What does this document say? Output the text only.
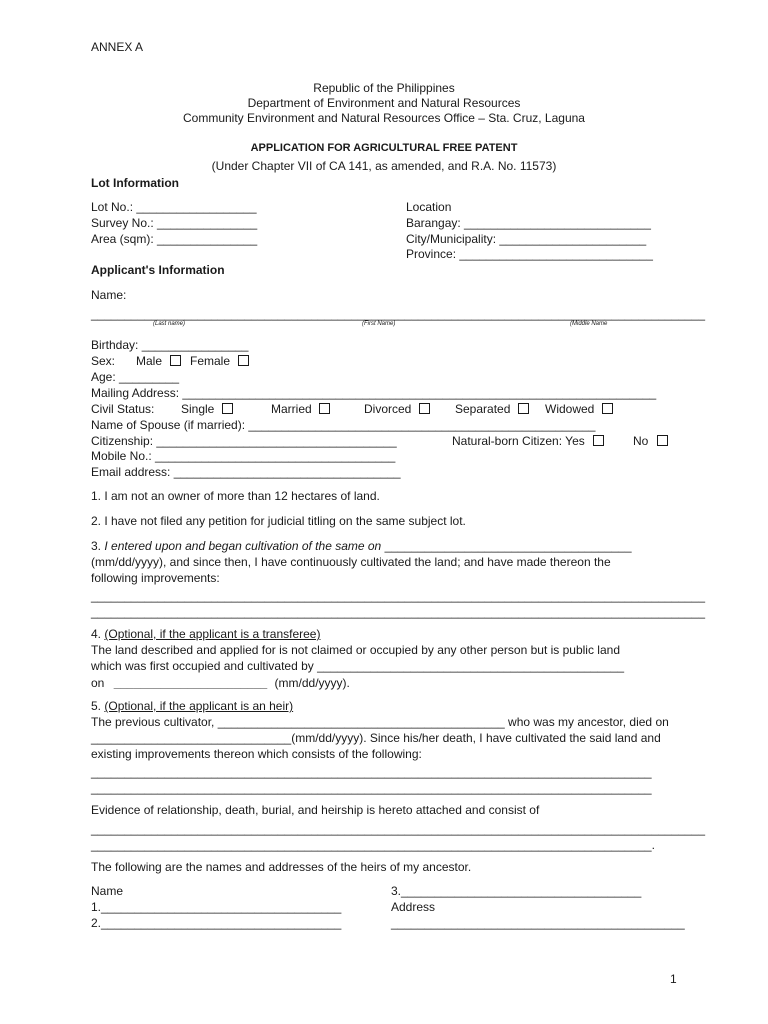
ANNEX A
Republic of the Philippines
Department of Environment and Natural Resources
Community Environment and Natural Resources Office – Sta. Cruz, Laguna
APPLICATION FOR AGRICULTURAL FREE PATENT
(Under Chapter VII of CA 141, as amended, and R.A. No. 11573)
Lot Information
Lot No.: __________________
Survey No.: _______________
Area (sqm): _______________
Location
Barangay: ____________________________
City/Municipality: ______________________
Province: _____________________________
Applicant's Information
Name:
____________________________________________________________________________________________
(Last name)	(First Name)	(Middle Name
Birthday: ________________
Sex: Male	Female
Age: _________
Mailing Address: _______________________________________________________________________
Civil Status: Single	Married	Divorced	Separated	Widowed
Name of Spouse (if married): ____________________________________________________
Citizenship: ____________________________________	Natural-born Citizen: Yes	No
Mobile No.: ____________________________________
Email address: __________________________________
1. I am not an owner of more than 12 hectares of land.
2. I have not filed any petition for judicial titling on the same subject lot.
3. I entered upon and began cultivation of the same on _____________________________________
(mm/dd/yyyy), and since then, I have continuously cultivated the land; and have made thereon the
following improvements:
____________________________________________________________________________________________
____________________________________________________________________________________________
4. (Optional, if the applicant is a transferee)
The land described and applied for is not claimed or occupied by any other person but is public land
which was first occupied and cultivated by ______________________________________________
on _______________________ (mm/dd/yyyy).
5. (Optional, if the applicant is an heir)
The previous cultivator, ___________________________________________ who was my ancestor, died on
______________________________(mm/dd/yyyy). Since his/her death, I have cultivated the said land and
existing improvements thereon which consists of the following:
____________________________________________________________________________________
____________________________________________________________________________________
Evidence of relationship, death, burial, and heirship is hereto attached and consist of
____________________________________________________________________________________________
____________________________________________________________________________________.
The following are the names and addresses of the heirs of my ancestor.
Name
1.____________________________________
2.____________________________________
3.____________________________________
Address
____________________________________________
1
